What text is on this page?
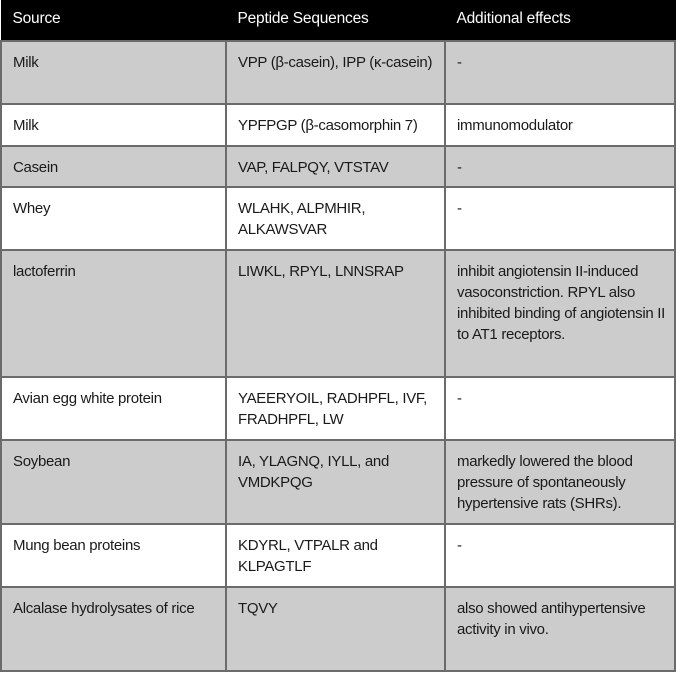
Source	Peptide Sequences	Additional effects
Milk	VPP (β-casein), IPP (κ-casein)	-
Milk	YPFPGP (β-casomorphin 7)	immunomodulator
Casein	VAP, FALPQY, VTSTAV	-
Whey	WLAHK, ALPMHIR, ALKAWSVAR	-
lactoferrin	LIWKL, RPYL, LNNSRAP	inhibit angiotensin II-induced vasoconstriction. RPYL also inhibited binding of angiotensin II to AT1 receptors.
Avian egg white protein	YAEERYOIL, RADHPFL, IVF, FRADHPFL, LW	-
Soybean	IA, YLAGNQ, IYLL, and VMDKPQG	markedly lowered the blood pressure of spontaneously hypertensive rats (SHRs).
Mung bean proteins	KDYRL, VTPALR and KLPAGTLF	-
Alcalase hydrolysates of rice	TQVY	also showed antihypertensive activity in vivo.
